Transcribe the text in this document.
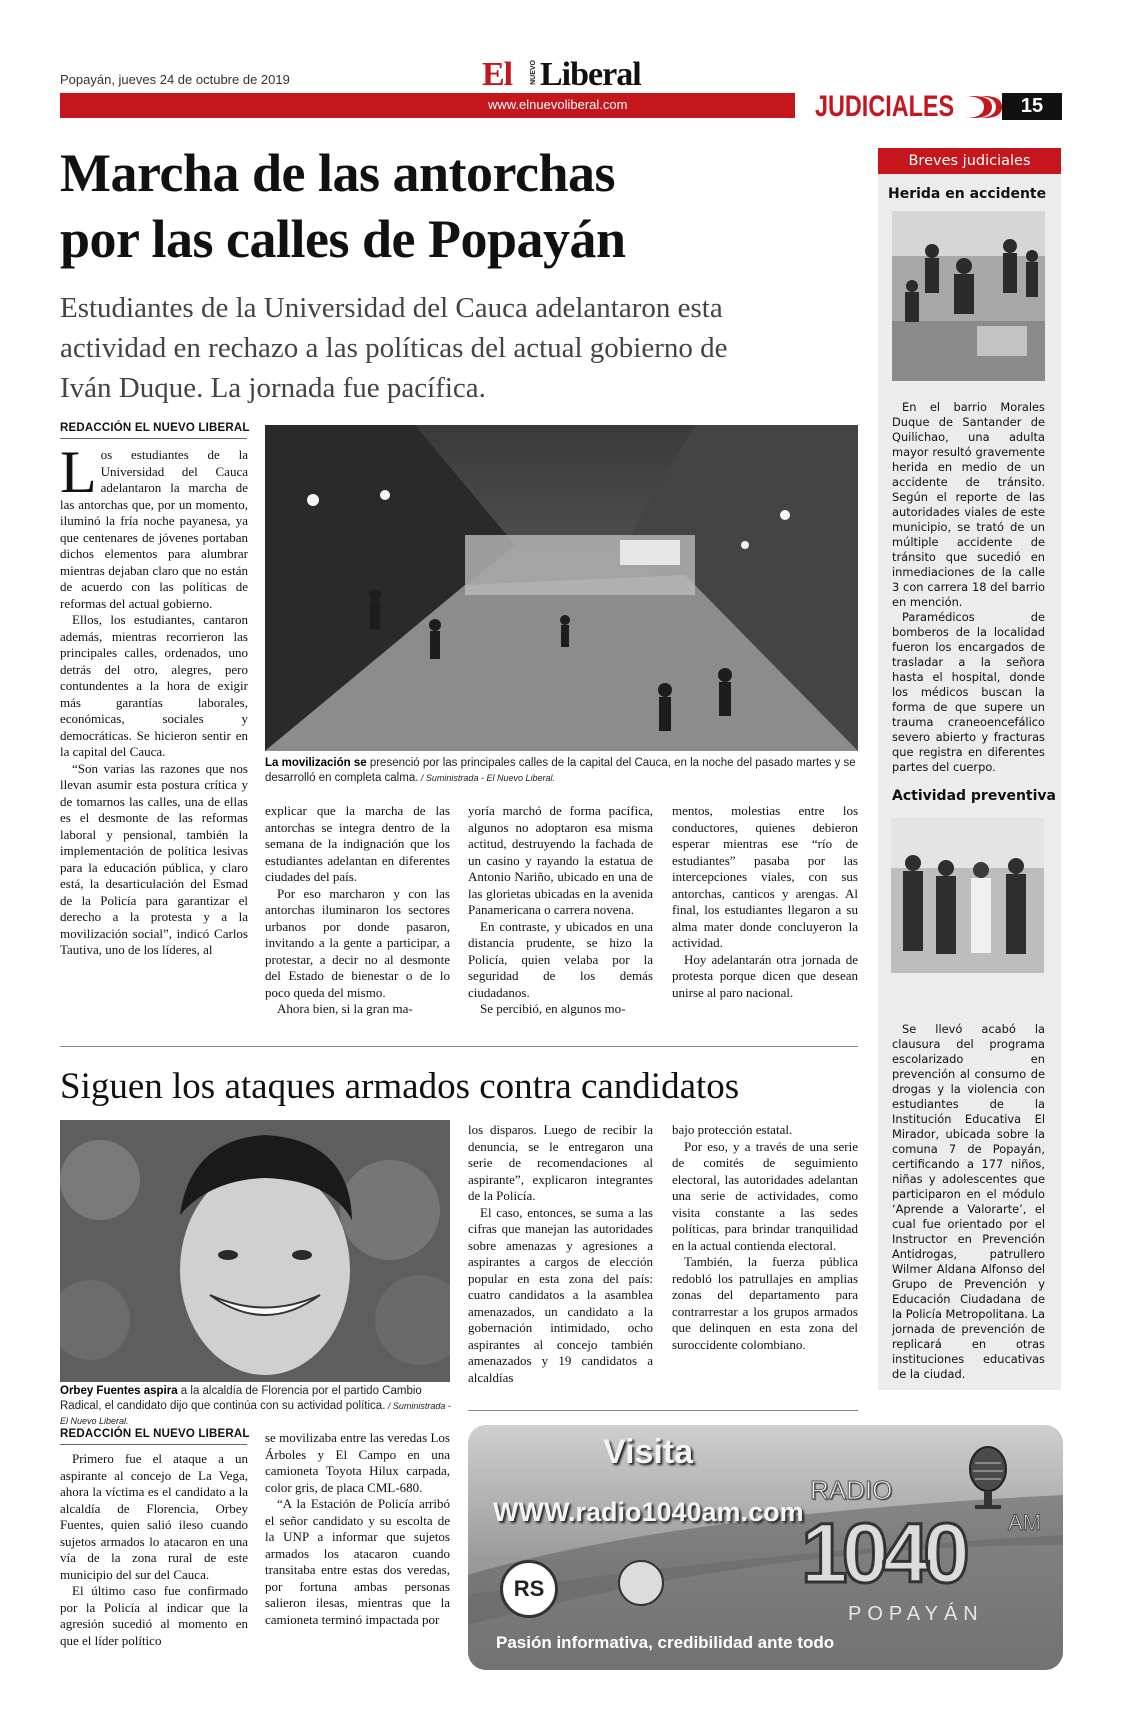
Popayán, jueves 24 de octubre de 2019	El	NUEVO Liberal
www.elnuevoliberal.com	JUDICIALES	15
Marcha de las antorchas
por las calles de Popayán
Estudiantes de la Universidad del Cauca adelantaron esta
actividad en rechazo a las políticas del actual gobierno de
Iván Duque. La jornada fue pacífica.
REDACCIÓN EL NUEVO LIBERAL

Los estudiantes de la Universidad del Cauca adelantaron la marcha de las antorchas que, por un momento, iluminó la fría noche payanesa, ya que centenares de jóvenes portaban dichos elementos para alumbrar mientras dejaban claro que no están de acuerdo con las políticas de reformas del actual gobierno.

Ellos, los estudiantes, cantaron además, mientras recorrieron las principales calles, ordenados, uno detrás del otro, alegres, pero contundentes a la hora de exigir más garantías laborales, económicas, sociales y democráticas. Se hicieron sentir en la capital del Cauca.

“Son varias las razones que nos llevan asumir esta postura crítica y de tomarnos las calles, una de ellas es el desmonte de las reformas laboral y pensional, también la implementación de política lesivas para la educación pública, y claro está, la desarticulación del Esmad de la Policía para garantizar el derecho a la protesta y a la movilización social”, indicó Carlos Tautiva, uno de los líderes, al

La movilización se presenció por las principales calles de la capital del Cauca, en la noche del pasado martes y se desarrolló en completa calma. / Suministrada - El Nuevo Liberal.

explicar que la marcha de las antorchas se integra dentro de la semana de la indignación que los estudiantes adelantan en diferentes ciudades del país.

Por eso marcharon y con las antorchas iluminaron los sectores urbanos por donde pasaron, invitando a la gente a participar, a protestar, a decir no al desmonte del Estado de bienestar o de lo poco queda del mismo.

Ahora bien, si la gran ma-

yoría marchó de forma pacífica, algunos no adoptaron esa misma actitud, destruyendo la fachada de un casino y rayando la estatua de Antonio Nariño, ubicado en una de las glorietas ubicadas en la avenida Panamericana o carrera novena.

En contraste, y ubicados en una distancia prudente, se hizo la Policía, quien velaba por la seguridad de los demás ciudadanos.

Se percibió, en algunos mo-

mentos, molestias entre los conductores, quienes debieron esperar mientras ese “río de estudiantes” pasaba por las intercepciones viales, con sus antorchas, canticos y arengas. Al final, los estudiantes llegaron a su alma mater donde concluyeron la actividad.

Hoy adelantarán otra jornada de protesta porque dicen que desean unirse al paro nacional.

Siguen los ataques armados contra candidatos
Orbey Fuentes aspira a la alcaldía de Florencia por el partido Cambio Radical, el candidato dijo que continúa con su actividad política. / Suministrada - El Nuevo Liberal.

los disparos. Luego de recibir la denuncia, se le entregaron una serie de recomendaciones al aspirante”, explicaron integrantes de la Policía.

El caso, entonces, se suma a las cifras que manejan las autoridades sobre amenazas y agresiones a aspirantes a cargos de elección popular en esta zona del país: cuatro candidatos a la asamblea amenazados, un candidato a la gobernación intimidado, ocho aspirantes al concejo también amenazados y 19 candidatos a alcaldías

bajo protección estatal.

Por eso, y a través de una serie de comités de seguimiento electoral, las autoridades adelantan una serie de actividades, como visita constante a las sedes políticas, para brindar tranquilidad en la actual contienda electoral.

También, la fuerza pública redobló los patrullajes en amplias zonas del departamento para contrarrestar a los grupos armados que delinquen en esta zona del suroccidente colombiano.

REDACCIÓN EL NUEVO LIBERAL

Primero fue el ataque a un aspirante al concejo de La Vega, ahora la víctima es el candidato a la alcaldía de Florencia, Orbey Fuentes, quien salió ileso cuando sujetos armados lo atacaron en una vía de la zona rural de este municipio del sur del Cauca.

El último caso fue confirmado por la Policía al indicar que la agresión sucedió al momento en que el líder político

se movilizaba entre las veredas Los Árboles y El Campo en una camioneta Toyota Hilux carpada, color gris, de placa CML-680.

“A la Estación de Policía arribó el señor candidato y su escolta de la UNP a informar que sujetos armados los atacaron cuando transitaba entre estas dos veredas, por fortuna ambas personas salieron ilesas, mientras que la camioneta terminó impactada por

Breves judiciales
Herida en accidente

En el barrio Morales Duque de Santander de Quilichao, una adulta mayor resultó gravemente herida en medio de un accidente de tránsito. Según el reporte de las autoridades viales de este municipio, se trató de un múltiple accidente de tránsito que sucedió en inmediaciones de la calle 3 con carrera 18 del barrio en mención.

Paramédicos de bomberos de la localidad fueron los encargados de trasladar a la señora hasta el hospital, donde los médicos buscan la forma de que supere un trauma craneoencefálico severo abierto y fracturas que registra en diferentes partes del cuerpo.

Actividad preventiva

Se llevó acabó la clausura del programa escolarizado en prevención al consumo de drogas y la violencia con estudiantes de la Institución Educativa El Mirador, ubicada sobre la comuna 7 de Popayán, certificando a 177 niños, niñas y adolescentes que participaron en el módulo ‘Aprende a Valorarte’, el cual fue orientado por el Instructor en Prevención Antidrogas, patrullero Wilmer Aldana Alfonso del Grupo de Prevención y Educación Ciudadana de la Policía Metropolitana. La jornada de prevención de replicará en otras instituciones educativas de la ciudad.

Visita
WWW.radio1040am.com
RADIO
1040 AM
POPAYÁN
RS
Pasión informativa, credibilidad ante todo
